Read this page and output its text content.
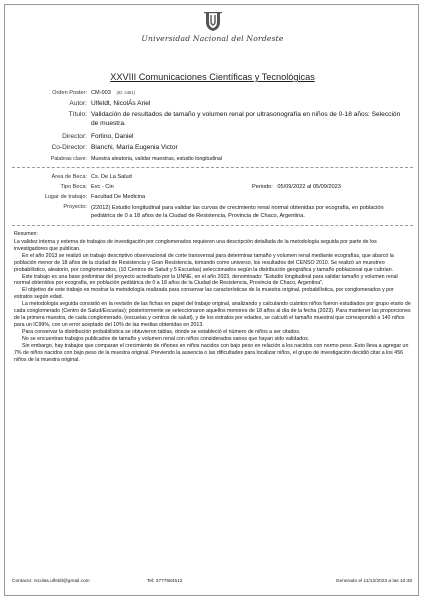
Universidad Nacional del Nordeste
XXVIII Comunicaciones Científicas y Tecnológicas
Orden Poster: CM-003 (ID: 2481)
Autor: Ulfeldt, NicolÁs Ariel
Título: Validación de resultados de tamaño y volumen renal por ultrasonografía en niños de 0-18 años: Selección de muestra.
Director: Forlino, Daniel
Co-Director: Bianchi, María Eugenia Victor
Palabras clave: Muestra aleatoria, validar muestras, estudio longitudinal
Área de Beca: Cs. De La Salud
Tipo Beca: Evc - Cin	Periodo: 05/09/2022 al 05/09/2023
Lugar de trabajo: Facultad De Medicina
Proyecto: (22012) Estudio longitudinal para validar las curvas de crecimiento renal normal obtenidas por ecografía, en población pediátrica de 0 a 18 años de la Ciudad de Resistencia, Provincia de Chaco, Argentina.

Resumen:

La validez interna y externa de trabajos de investigación por conglomerados requieren una descripción detallada de la metodología seguida por parte de los investigadores que publican.

En el año 2013 se realizó un trabajo descriptivo observacional de corte transversal para determinar tamaño y volumen renal mediante ecografías, que abarcó la población menor de 18 años de la ciudad de Resistencia y Gran Resistencia, tomando como universo, los resultados del CENSO 2010. Se realizó un muestreo probabilístico, aleatorio, por conglomerados, (10 Centros de Salud y 5 Escuelas) seleccionados según la distribución geográfica y tamaño poblacional que cubrían.

Este trabajo es una base preliminar del proyecto acreditado por la UNNE, en el año 2023, denominado: "Estudio longitudinal para validar tamaño y volumen renal normal obtenidos por ecografía, en población pediátrica de 0 a 18 años de la Ciudad de Resistencia, Provincia de Chaco, Argentina".

El objetivo de este trabajo es mostrar la metodología realizada para conservar las características de la muestra original, probabilística, por conglomerados y por estratos según edad.

La metodología seguida consistió en la revisión de las fichas en papel del trabajo original, analizando y calculando cuántos niños fueron estudiados por grupo etario de cada conglomerado (Centro de Salud/Escuelas); posteriormente se seleccionaron aquellos menores de 18 años al día de la fecha (2023). Para mantener las proporciones de la primera muestra, de cada conglomerado, (escuelas y centros de salud), y de los estratos por edades, se calculó el tamaño muestral que correspondió a 140 niños para un IC99%, con un error aceptado del 10% de las medias obtenidas en 2013.

Para conservar la distribución probabilística se obtuvieron tablas, donde se estableció el número de niños a ser citados.

No se encuentran trabajos publicados de tamaño y volumen renal con niños considerados sanos que hayan sido validados.

Sin embargo, hay trabajos que comparan el crecimiento de riñones en niños nacidos con bajo peso en relación a los nacidos con normo peso. Esto lleva a agregar un 7% de niños nacidos con bajo peso de la muestra original. Previendo la ausencia o las dificultades para localizar niños, el grupo de investigación decidió citar a los 456 niños de la muestra original.

Contacto: nicolas.ulfeldt@gmail.com	Tel: 3777684512	Generado el 11/12/2023 a las 10:48
